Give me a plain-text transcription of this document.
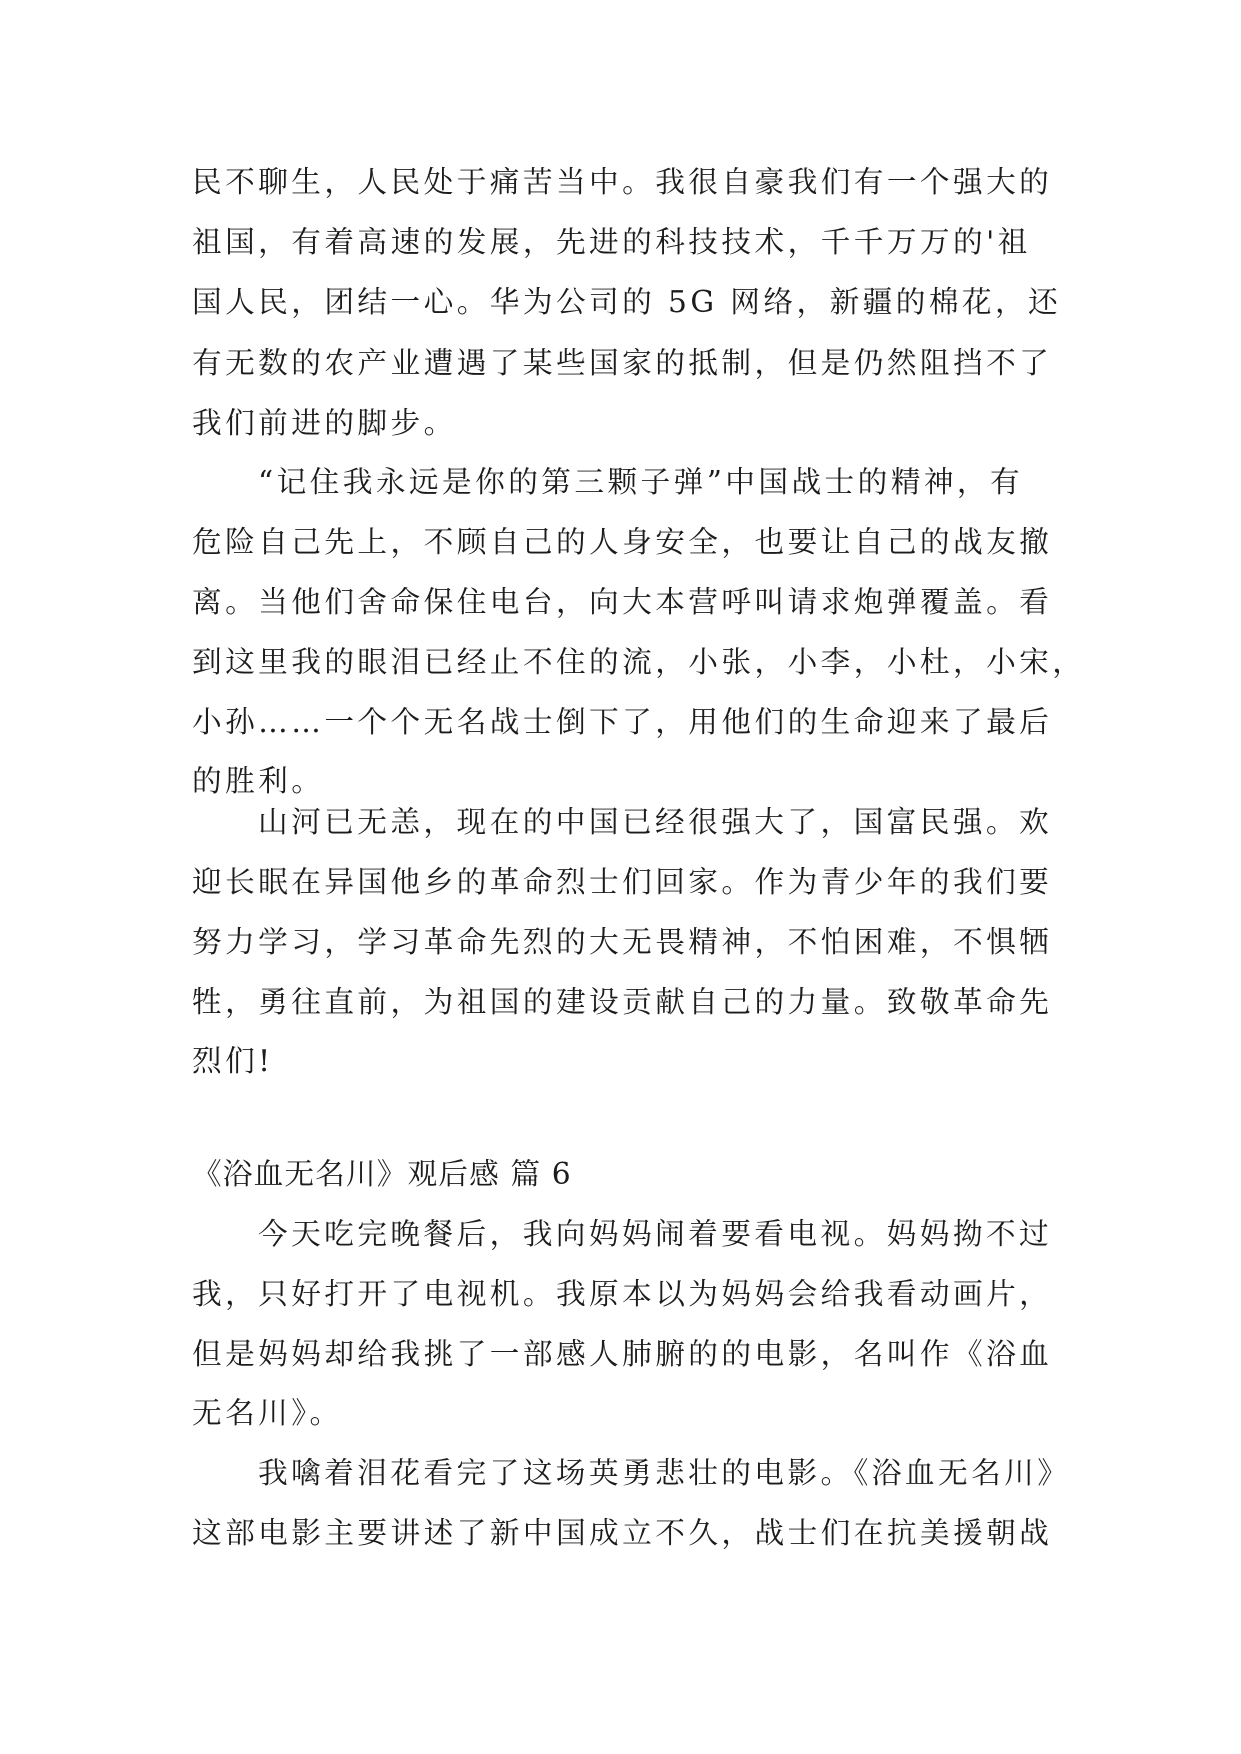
民不聊生，人民处于痛苦当中。我很自豪我们有一个强大的
祖国，有着高速的发展，先进的科技技术，千千万万的'祖
国人民，团结一心。华为公司的 5G 网络，新疆的棉花，还
有无数的农产业遭遇了某些国家的抵制，但是仍然阻挡不了
我们前进的脚步。
“记住我永远是你的第三颗子弹”中国战士的精神，有
危险自己先上，不顾自己的人身安全，也要让自己的战友撤
离。当他们舍命保住电台，向大本营呼叫请求炮弹覆盖。看
到这里我的眼泪已经止不住的流，小张，小李，小杜，小宋，
小孙……一个个无名战士倒下了，用他们的生命迎来了最后
的胜利。
山河已无恙，现在的中国已经很强大了，国富民强。欢
迎长眠在异国他乡的革命烈士们回家。作为青少年的我们要
努力学习，学习革命先烈的大无畏精神，不怕困难，不惧牺
牲，勇往直前，为祖国的建设贡献自己的力量。致敬革命先
烈们!
《浴血无名川》观后感 篇 6
今天吃完晚餐后，我向妈妈闹着要看电视。妈妈拗不过
我，只好打开了电视机。我原本以为妈妈会给我看动画片，
但是妈妈却给我挑了一部感人肺腑的的电影，名叫作《浴血
无名川》。
我噙着泪花看完了这场英勇悲壮的电影。《浴血无名川》
这部电影主要讲述了新中国成立不久，战士们在抗美援朝战
